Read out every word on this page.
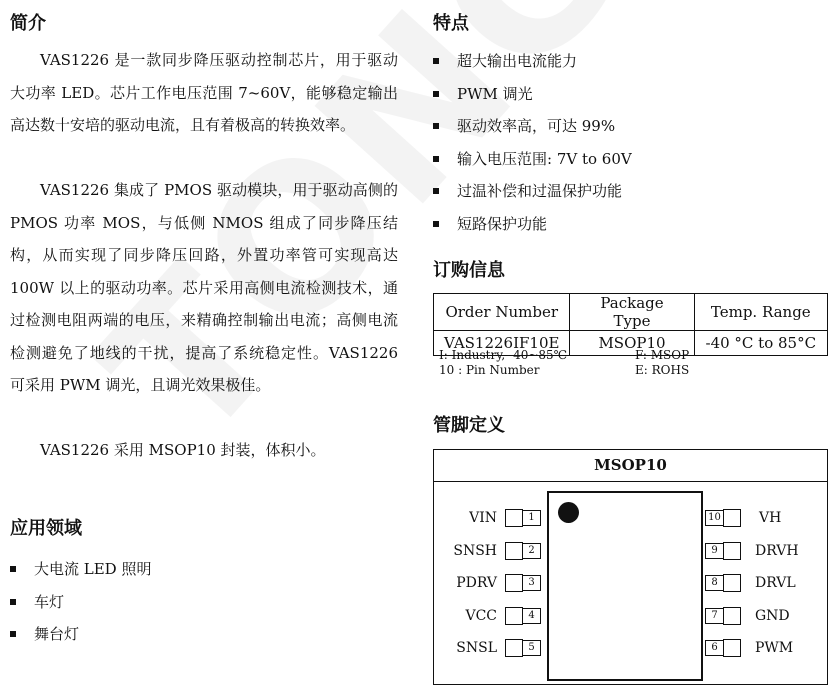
简介

VAS1226 是一款同步降压驱动控制芯片，用于驱动大功率 LED。芯片工作电压范围 7~60V，能够稳定输出高达数十安培的驱动电流，且有着极高的转换效率。

VAS1226 集成了 PMOS 驱动模块，用于驱动高侧的 PMOS 功率 MOS，与低侧 NMOS 组成了同步降压结构，从而实现了同步降压回路，外置功率管可实现高达 100W 以上的驱动功率。芯片采用高侧电流检测技术，通过检测电阻两端的电压，来精确控制输出电流；高侧电流检测避免了地线的干扰，提高了系统稳定性。VAS1226 可采用 PWM 调光，且调光效果极佳。

VAS1226 采用 MSOP10 封装，体积小。

应用领域
大电流 LED 照明
车灯
舞台灯
特点
超大输出电流能力
PWM 调光
驱动效率高，可达 99%
输入电压范围: 7V to 60V
过温补偿和过温保护功能
短路保护功能
订购信息
Order Number	Package Type	Temp. Range
VAS1226IF10E	MSOP10	-40 °C to 85°C
I: Industry, -40~85℃	F: MSOP
10 : Pin Number	E: ROHS
管脚定义
MSOP10
VIN	1
SNSH	2
PDRV	3
VCC	4
SNSL	5
10	VH
9	DRVH
8	DRVL
7	GND
6	PWM
